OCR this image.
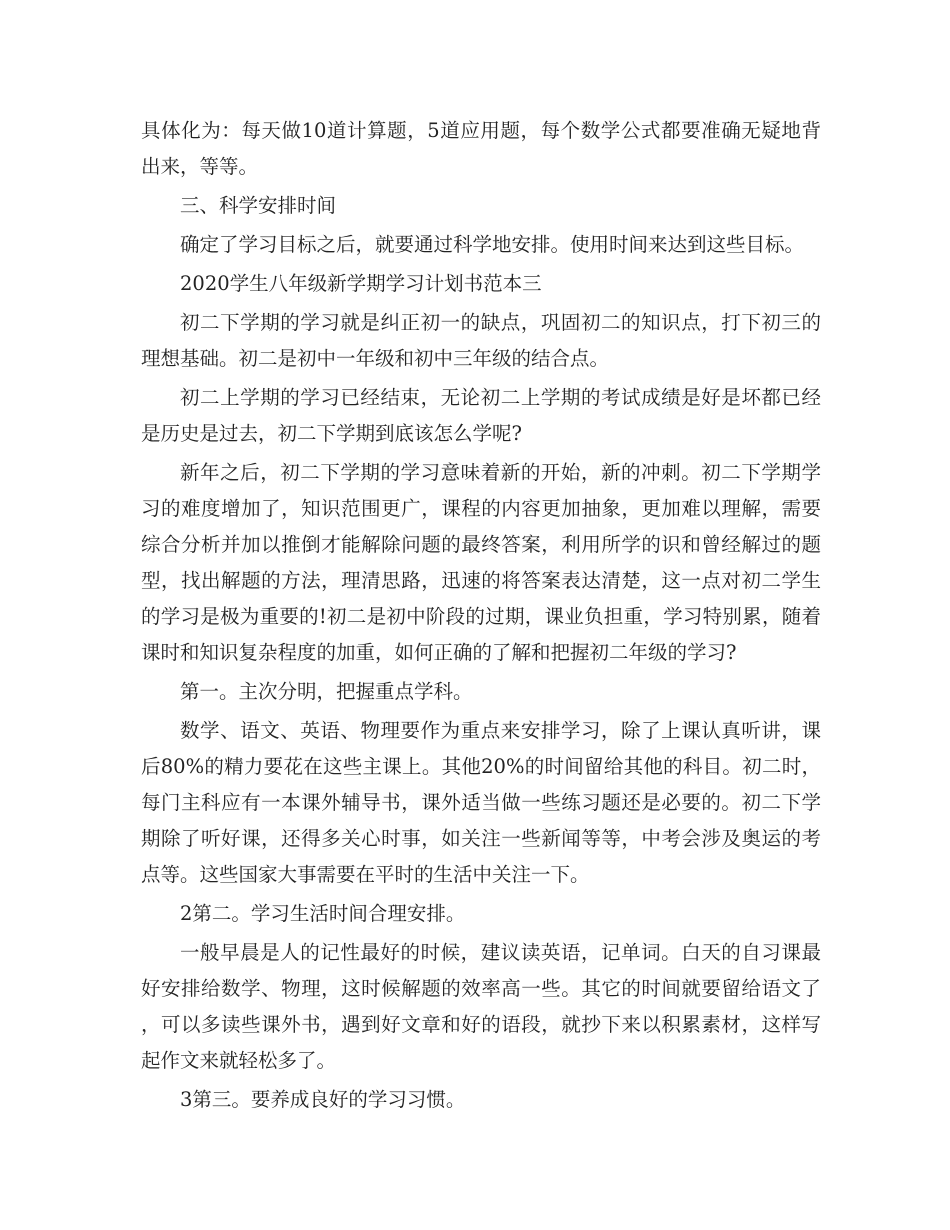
具体化为：每天做10道计算题，5道应用题，每个数学公式都要准确无疑地背出来，等等。

三、科学安排时间

确定了学习目标之后，就要通过科学地安排。使用时间来达到这些目标。

2020学生八年级新学期学习计划书范本三

初二下学期的学习就是纠正初一的缺点，巩固初二的知识点，打下初三的理想基础。初二是初中一年级和初中三年级的结合点。

初二上学期的学习已经结束，无论初二上学期的考试成绩是好是坏都已经是历史是过去，初二下学期到底该怎么学呢?

新年之后，初二下学期的学习意味着新的开始，新的冲刺。初二下学期学习的难度增加了，知识范围更广，课程的内容更加抽象，更加难以理解，需要综合分析并加以推倒才能解除问题的最终答案，利用所学的识和曾经解过的题型，找出解题的方法，理清思路，迅速的将答案表达清楚，这一点对初二学生的学习是极为重要的!初二是初中阶段的过期，课业负担重，学习特别累，随着课时和知识复杂程度的加重，如何正确的了解和把握初二年级的学习?

第一。主次分明，把握重点学科。

数学、语文、英语、物理要作为重点来安排学习，除了上课认真听讲，课后80%的精力要花在这些主课上。其他20%的时间留给其他的科目。初二时，每门主科应有一本课外辅导书，课外适当做一些练习题还是必要的。初二下学期除了听好课，还得多关心时事，如关注一些新闻等等，中考会涉及奥运的考点等。这些国家大事需要在平时的生活中关注一下。

2第二。学习生活时间合理安排。

一般早晨是人的记性最好的时候，建议读英语，记单词。白天的自习课最好安排给数学、物理，这时候解题的效率高一些。其它的时间就要留给语文了，可以多读些课外书，遇到好文章和好的语段，就抄下来以积累素材，这样写起作文来就轻松多了。

3第三。要养成良好的学习习惯。
